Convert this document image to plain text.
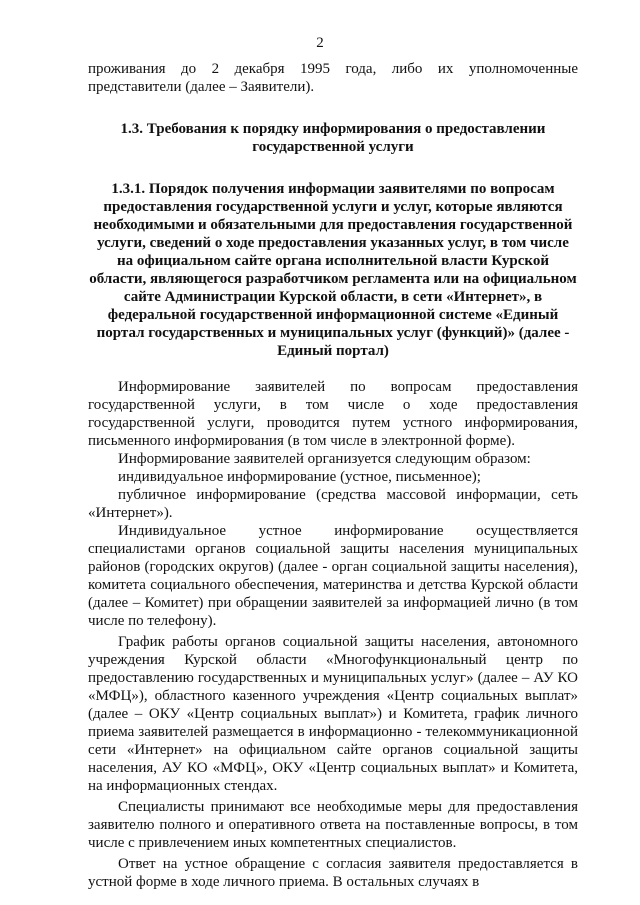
2

проживания до 2 декабря 1995 года, либо их уполномоченные представители (далее – Заявители).

1.3. Требования к порядку информирования о предоставлении государственной услуги

1.3.1. Порядок получения информации заявителями по вопросам предоставления государственной услуги и услуг, которые являются необходимыми и обязательными для предоставления государственной услуги, сведений о ходе предоставления указанных услуг, в том числе на официальном сайте органа исполнительной власти Курской области, являющегося разработчиком регламента или на официальном сайте Администрации Курской области, в сети «Интернет», в федеральной государственной информационной системе «Единый портал государственных и муниципальных услуг (функций)» (далее - Единый портал)

Информирование заявителей по вопросам предоставления государственной услуги, в том числе о ходе предоставления государственной услуги, проводится путем устного информирования, письменного информирования (в том числе в электронной форме).

Информирование заявителей организуется следующим образом:

индивидуальное информирование (устное, письменное);

публичное информирование (средства массовой информации, сеть «Интернет»).

Индивидуальное устное информирование осуществляется специалистами органов социальной защиты населения муниципальных районов (городских округов) (далее - орган социальной защиты населения), комитета социального обеспечения, материнства и детства Курской области (далее – Комитет) при обращении заявителей за информацией лично (в том числе по телефону).

График работы органов социальной защиты населения, автономного учреждения Курской области «Многофункциональный центр по предоставлению государственных и муниципальных услуг» (далее – АУ КО «МФЦ»), областного казенного учреждения «Центр социальных выплат» (далее – ОКУ «Центр социальных выплат») и Комитета, график личного приема заявителей размещается в информационно - телекоммуникационной сети «Интернет» на официальном сайте органов социальной защиты населения, АУ КО «МФЦ», ОКУ «Центр социальных выплат» и Комитета, на информационных стендах.

Специалисты принимают все необходимые меры для предоставления заявителю полного и оперативного ответа на поставленные вопросы, в том числе с привлечением иных компетентных специалистов.

Ответ на устное обращение с согласия заявителя предоставляется в устной форме в ходе личного приема. В остальных случаях в
